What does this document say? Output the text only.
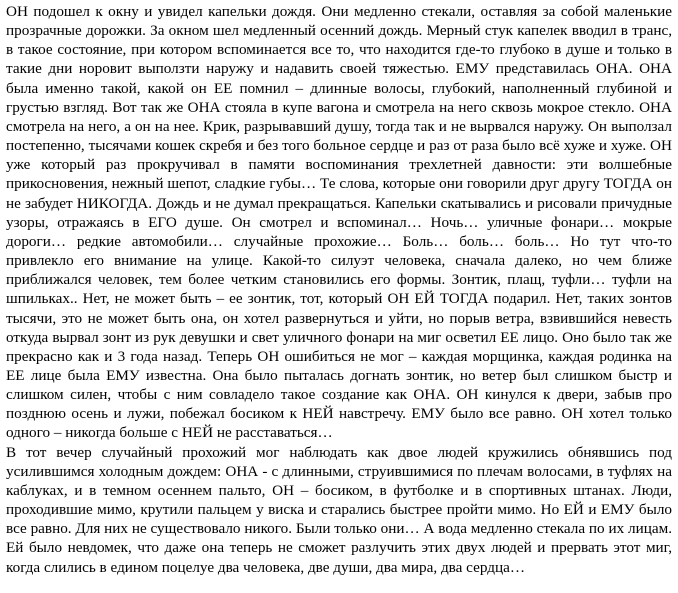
ОН подошел к окну и увидел капельки дождя. Они медленно стекали, оставляя за собой маленькие прозрачные дорожки. За окном шел медленный осенний дождь. Мерный стук капелек вводил в транс, в такое состояние, при котором вспоминается все то, что находится где-то глубоко в душе и только в такие дни норовит выползти наружу и надавить своей тяжестью. ЕМУ представилась ОНА. ОНА была именно такой, какой он ЕЕ помнил – длинные волосы, глубокий, наполненный глубиной и грустью взгляд. Вот так же ОНА стояла в купе вагона и смотрела на него сквозь мокрое стекло. ОНА смотрела на него, а он на нее. Крик, разрывавший душу, тогда так и не вырвался наружу. Он выползал постепенно, тысячами кошек скребя и без того больное сердце и раз от раза было всё хуже и хуже. ОН уже который раз прокручивал в памяти воспоминания трехлетней давности: эти волшебные прикосновения, нежный шепот, сладкие губы… Те слова, которые они говорили друг другу ТОГДА он не забудет НИКОГДА. Дождь и не думал прекращаться. Капельки скатывались и рисовали причудные узоры, отражаясь в ЕГО душе. Он смотрел и вспоминал… Ночь… уличные фонари… мокрые дороги… редкие автомобили… случайные прохожие… Боль… боль… боль… Но тут что-то привлекло его внимание на улице. Какой-то силуэт человека, сначала далеко, но чем ближе приближался человек, тем более четким становились его формы. Зонтик, плащ, туфли… туфли на шпильках.. Нет, не может быть – ее зонтик, тот, который ОН ЕЙ ТОГДА подарил. Нет, таких зонтов тысячи, это не может быть она, он хотел развернуться и уйти, но порыв ветра, взвившийся невесть откуда вырвал зонт из рук девушки и свет уличного фонари на миг осветил ЕЕ лицо. Оно было так же прекрасно как и 3 года назад. Теперь ОН ошибиться не мог – каждая морщинка, каждая родинка на ЕЕ лице была ЕМУ известна. Она было пыталась догнать зонтик, но ветер был слишком быстр и слишком силен, чтобы с ним совладело такое создание как ОНА. ОН кинулся к двери, забыв про позднюю осень и лужи, побежал босиком к НЕЙ навстречу. ЕМУ было все равно. ОН хотел только одного – никогда больше с НЕЙ не расставаться…

В тот вечер случайный прохожий мог наблюдать как двое людей кружились обнявшись под усилившимся холодным дождем: ОНА - с длинными, струившимися по плечам волосами, в туфлях на каблуках, и в темном осеннем пальто, ОН – босиком, в футболке и в спортивных штанах. Люди, проходившие мимо, крутили пальцем у виска и старались быстрее пройти мимо. Но ЕЙ и ЕМУ было все равно. Для них не существовало никого. Были только они… А вода медленно стекала по их лицам. Ей было невдомек, что даже она теперь не сможет разлучить этих двух людей и прервать этот миг, когда слились в едином поцелуе два человека, две души, два мира, два сердца…
